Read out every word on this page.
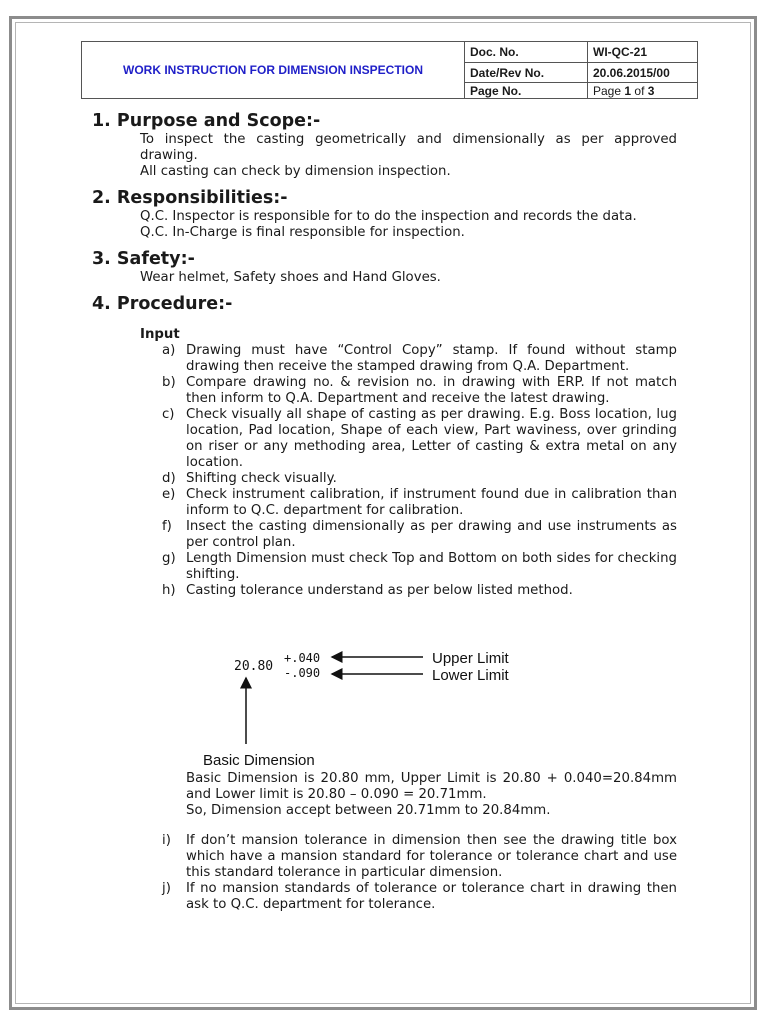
WORK INSTRUCTION FOR DIMENSION INSPECTION	Doc. No.	WI-QC-21
	Date/Rev No.	20.06.2015/00
	Page No.	Page 1 of 3
1. Purpose and Scope:-
To inspect the casting geometrically and dimensionally as per approved drawing.
All casting can check by dimension inspection.
2. Responsibilities:-
Q.C. Inspector is responsible for to do the inspection and records the data.
Q.C. In-Charge is final responsible for inspection.
3. Safety:-
Wear helmet, Safety shoes and Hand Gloves.
4. Procedure:-
Input
a) Drawing must have “Control Copy” stamp. If found without stamp drawing then receive the stamped drawing from Q.A. Department.
b) Compare drawing no. & revision no. in drawing with ERP. If not match then inform to Q.A. Department and receive the latest drawing.
c) Check visually all shape of casting as per drawing. E.g. Boss location, lug location, Pad location, Shape of each view, Part waviness, over grinding on riser or any methoding area, Letter of casting & extra metal on any location.
d) Shifting check visually.
e) Check instrument calibration, if instrument found due in calibration than inform to Q.C. department for calibration.
f) Insect the casting dimensionally as per drawing and use instruments as per control plan.
g) Length Dimension must check Top and Bottom on both sides for checking shifting.
h) Casting tolerance understand as per below listed method.
20.80
+.040
-.090
Upper Limit
Lower Limit
Basic Dimension
Basic Dimension is 20.80 mm, Upper Limit is 20.80 + 0.040=20.84mm and Lower limit is 20.80 – 0.090 = 20.71mm.
So, Dimension accept between 20.71mm to 20.84mm.
i) If don’t mansion tolerance in dimension then see the drawing title box which have a mansion standard for tolerance or tolerance chart and use this standard tolerance in particular dimension.
j) If no mansion standards of tolerance or tolerance chart in drawing then ask to Q.C. department for tolerance.
